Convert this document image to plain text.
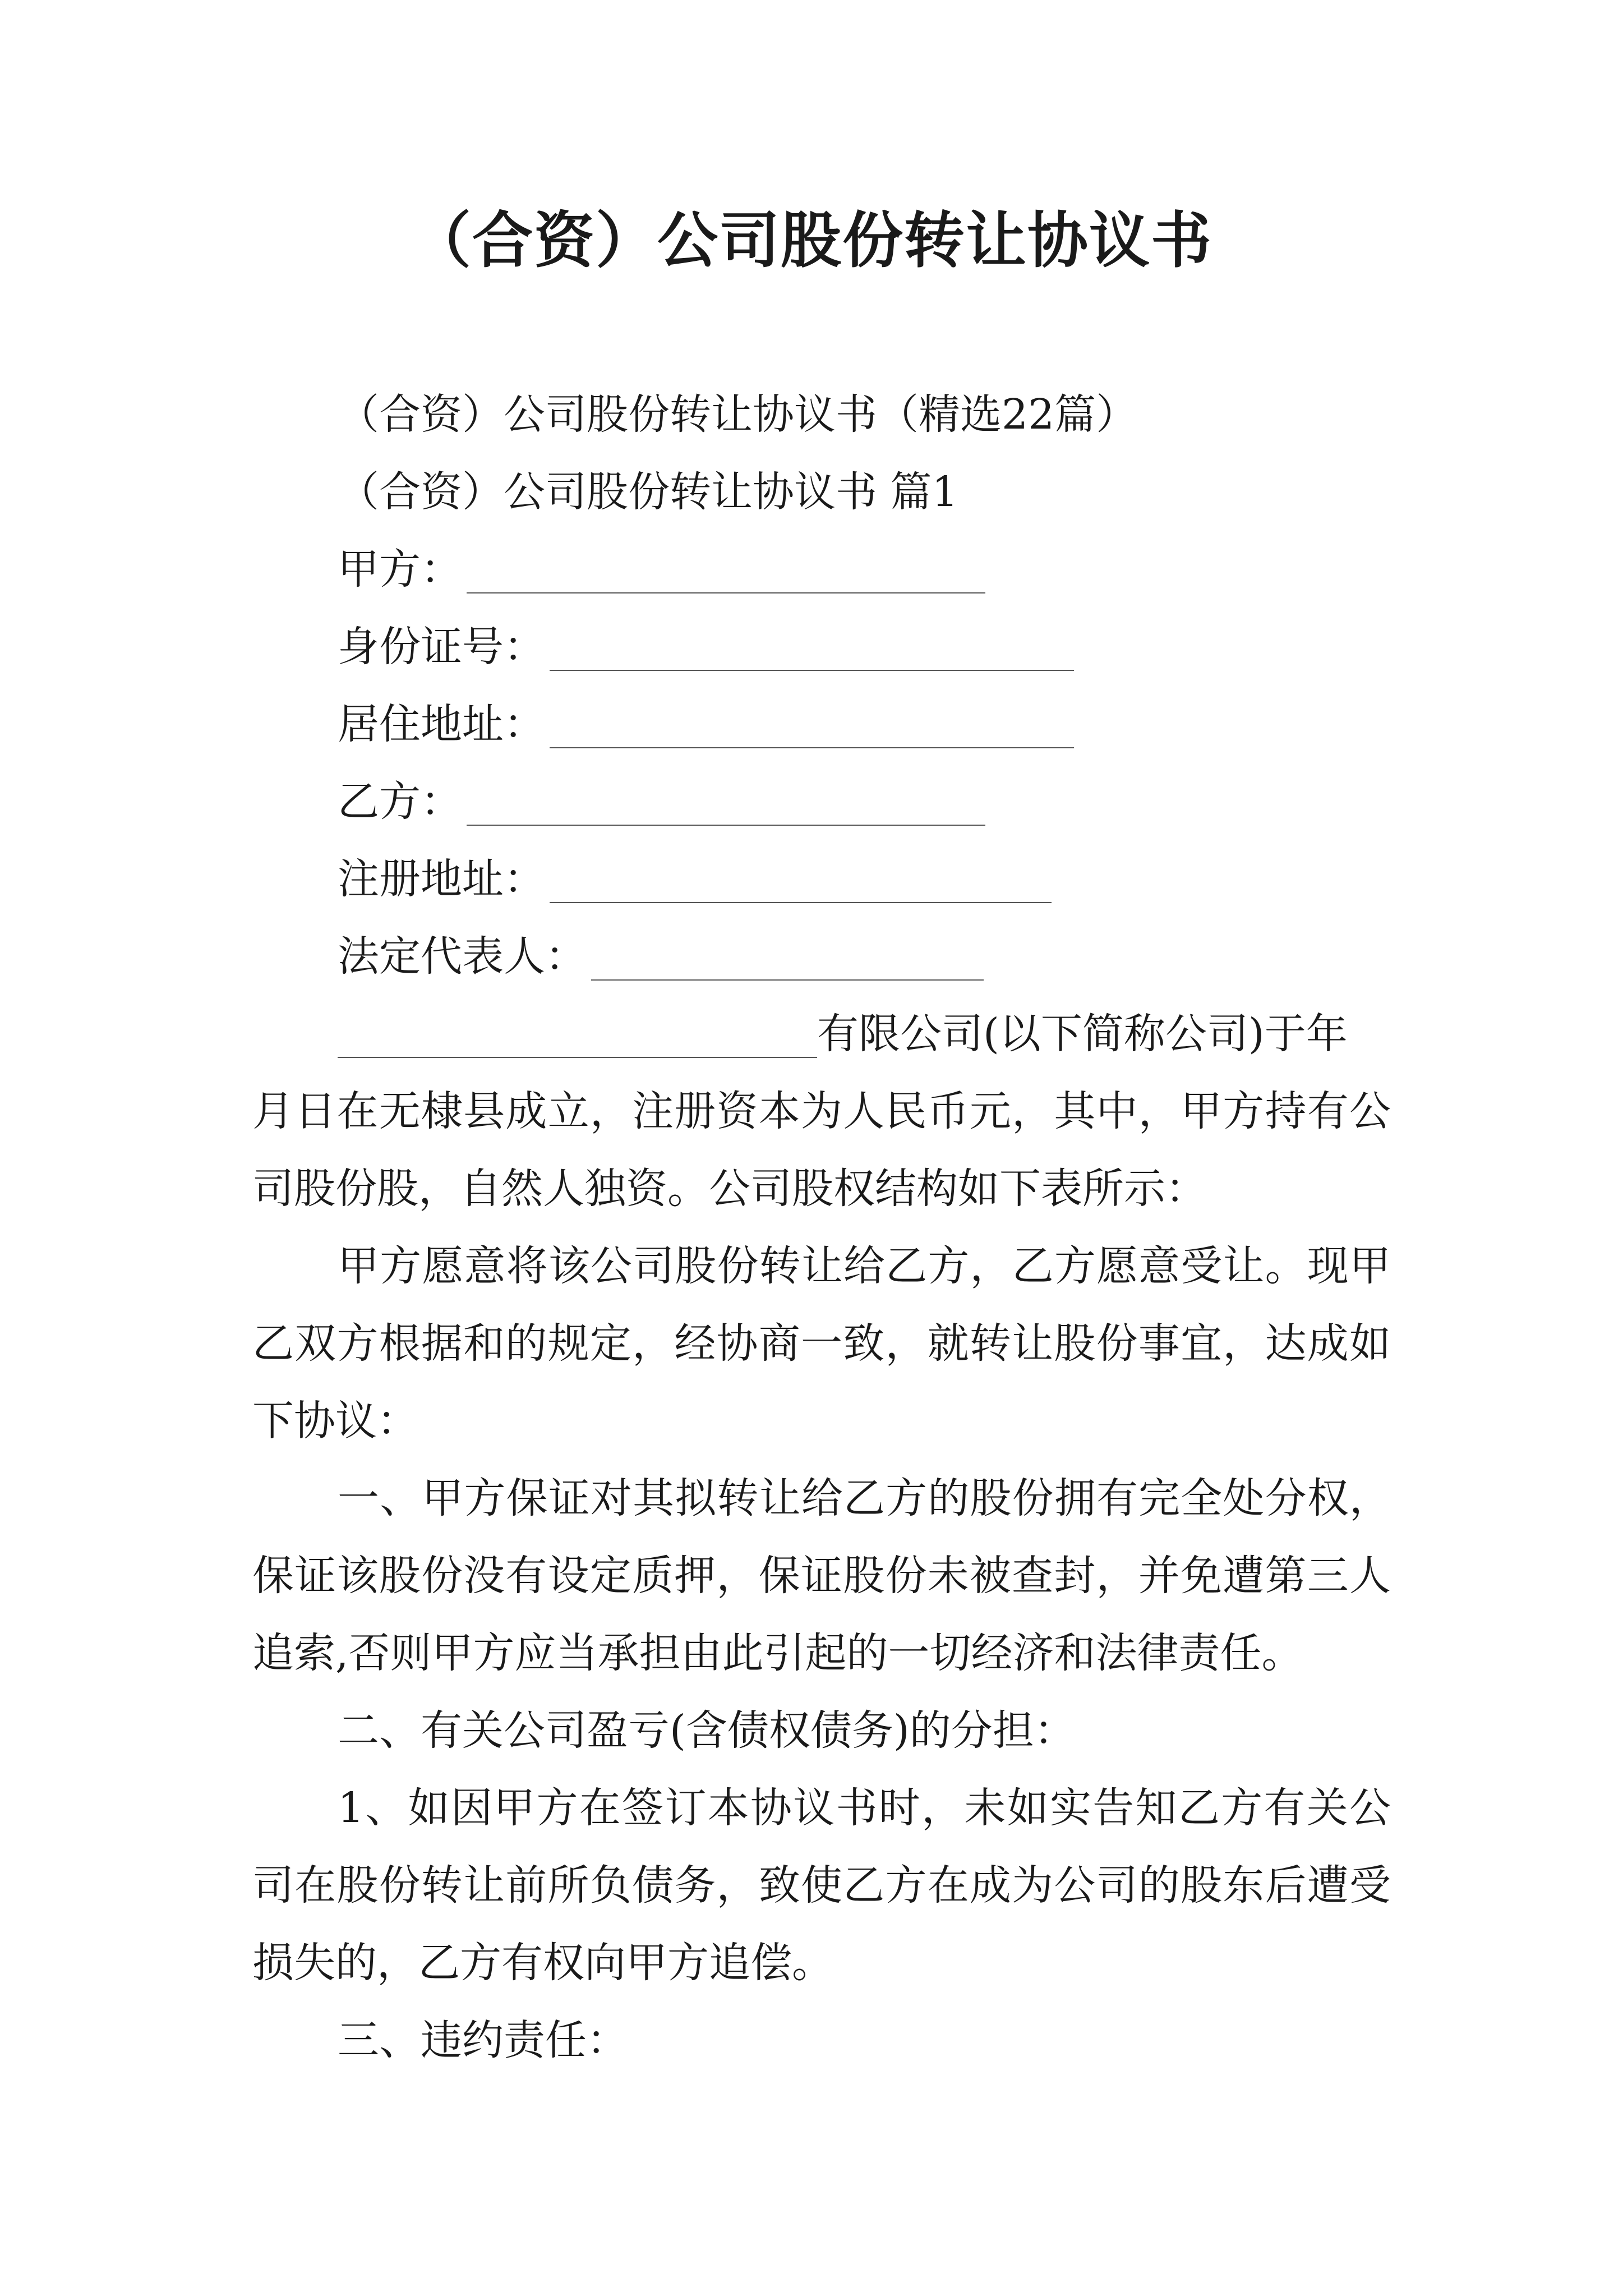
（合资）公司股份转让协议书

（合资）公司股份转让协议书（精选22篇）

（合资）公司股份转让协议书 篇1

甲方：
身份证号：
居住地址：
乙方：
注册地址：
法定代表人：
有限公司(以下简称公司)于年

月日在无棣县成立，注册资本为人民币元，其中，甲方持有公司股份股，自然人独资。公司股权结构如下表所示：

甲方愿意将该公司股份转让给乙方，乙方愿意受让。现甲乙双方根据和的规定，经协商一致，就转让股份事宜，达成如下协议：

一、甲方保证对其拟转让给乙方的股份拥有完全处分权，保证该股份没有设定质押，保证股份未被查封，并免遭第三人追索,否则甲方应当承担由此引起的一切经济和法律责任。

二、有关公司盈亏(含债权债务)的分担：

1、如因甲方在签订本协议书时，未如实告知乙方有关公司在股份转让前所负债务，致使乙方在成为公司的股东后遭受损失的，乙方有权向甲方追偿。

三、违约责任：
